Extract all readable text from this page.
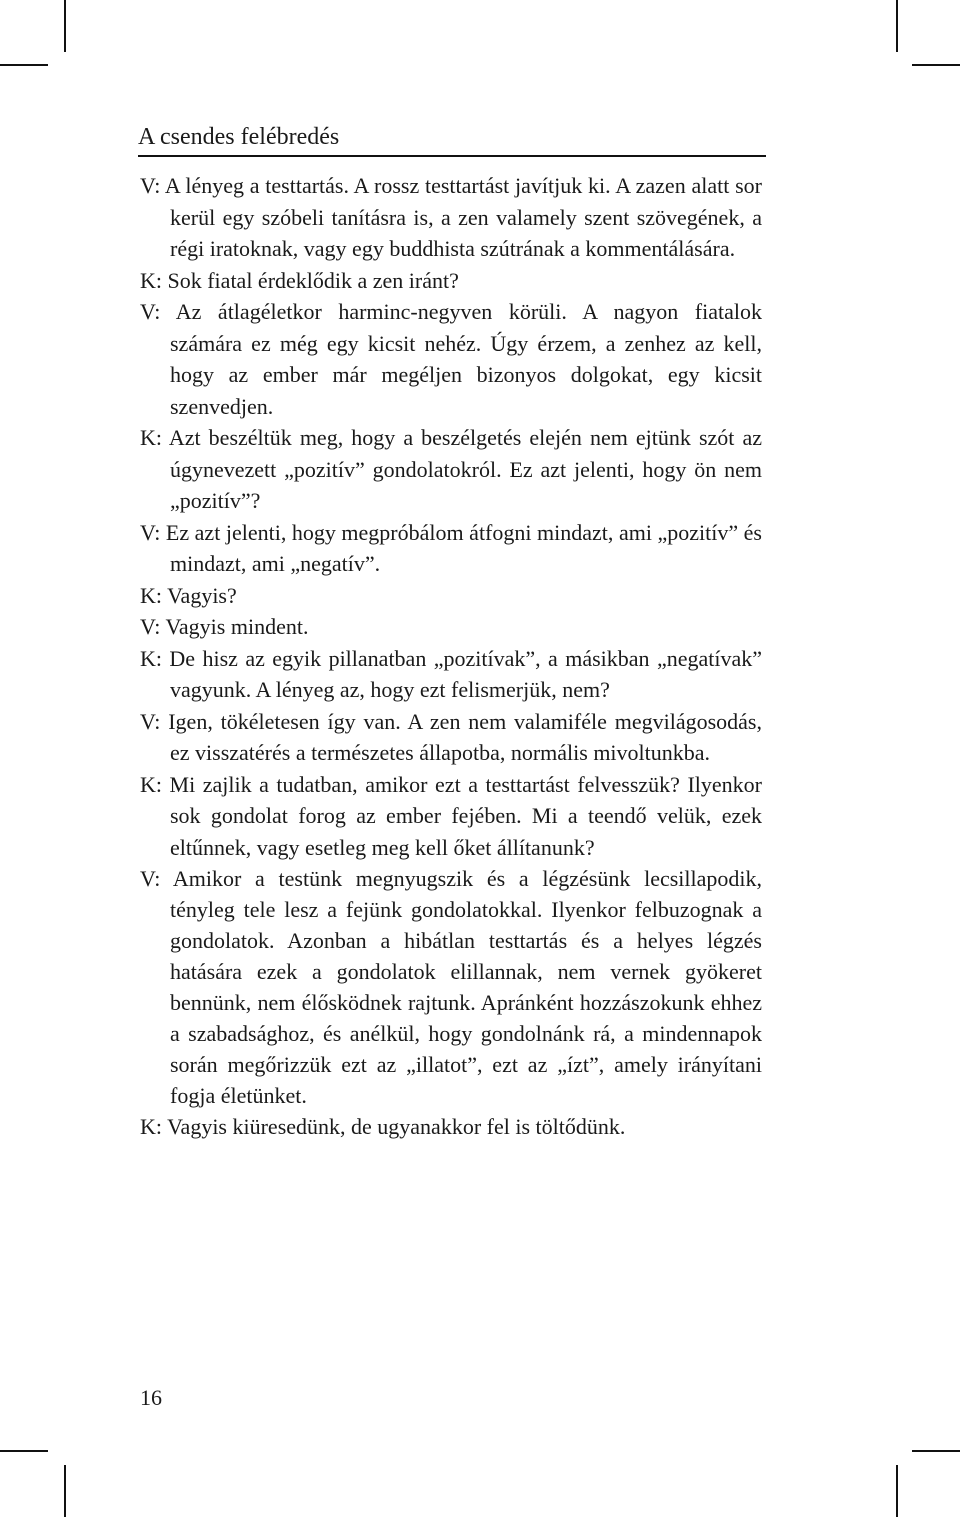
A csendes felébredés

V: A lényeg a testtartás. A rossz testtartást javítjuk ki. A zazen alatt sor kerül egy szóbeli tanításra is, a zen valamely szent szövegének, a régi iratoknak, vagy egy buddhista szútrának a kommentálására.

K: Sok fiatal érdeklődik a zen iránt?

V: Az átlagéletkor harminc-negyven körüli. A nagyon fiatalok számára ez még egy kicsit nehéz. Úgy érzem, a zenhez az kell, hogy az ember már megéljen bizonyos dolgokat, egy kicsit szenvedjen.

K: Azt beszéltük meg, hogy a beszélgetés elején nem ejtünk szót az úgynevezett „pozitív” gondolatokról. Ez azt jelenti, hogy ön nem „pozitív”?

V: Ez azt jelenti, hogy megpróbálom átfogni mindazt, ami „pozitív” és mindazt, ami „negatív”.

K: Vagyis?

V: Vagyis mindent.

K: De hisz az egyik pillanatban „pozitívak”, a másikban „negatívak” vagyunk. A lényeg az, hogy ezt felismerjük, nem?

V: Igen, tökéletesen így van. A zen nem valamiféle megvilágosodás, ez visszatérés a természetes állapotba, normális mivoltunkba.

K: Mi zajlik a tudatban, amikor ezt a testtartást felvesszük? Ilyenkor sok gondolat forog az ember fejében. Mi a teendő velük, ezek eltűnnek, vagy esetleg meg kell őket állítanunk?

V: Amikor a testünk megnyugszik és a légzésünk lecsillapodik, tényleg tele lesz a fejünk gondolatokkal. Ilyenkor felbuzognak a gondolatok. Azonban a hibátlan testtartás és a helyes légzés hatására ezek a gondolatok elillannak, nem vernek gyökeret bennünk, nem élősködnek rajtunk. Apránként hozzászokunk ehhez a szabadsághoz, és anélkül, hogy gondolnánk rá, a mindennapok során megőrizzük ezt az „illatot”, ezt az „ízt”, amely irányítani fogja életünket.

K: Vagyis kiüresedünk, de ugyanakkor fel is töltődünk.

16
